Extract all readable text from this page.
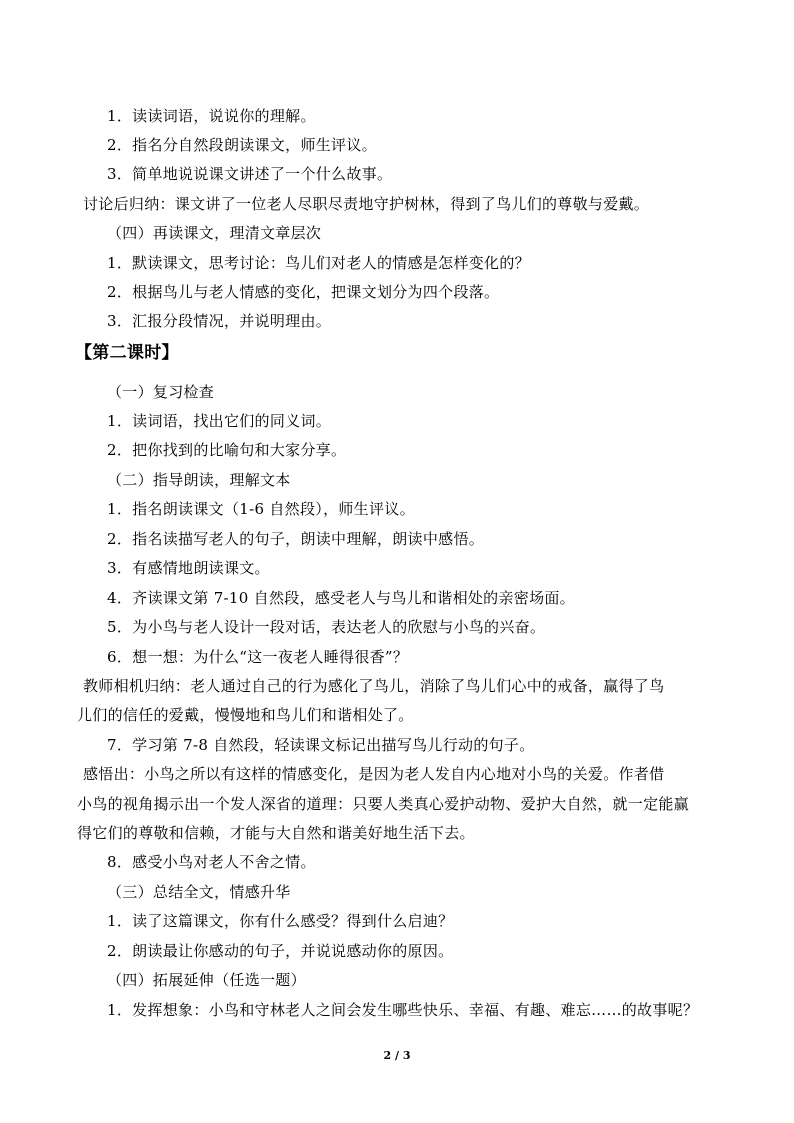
1．读读词语，说说你的理解。
2．指名分自然段朗读课文，师生评议。
3．简单地说说课文讲述了一个什么故事。
讨论后归纳：课文讲了一位老人尽职尽责地守护树林，得到了鸟儿们的尊敬与爱戴。
（四）再读课文，理清文章层次
1．默读课文，思考讨论：鸟儿们对老人的情感是怎样变化的？
2．根据鸟儿与老人情感的变化，把课文划分为四个段落。
3．汇报分段情况，并说明理由。
【第二课时】
（一）复习检查
1．读词语，找出它们的同义词。
2．把你找到的比喻句和大家分享。
（二）指导朗读，理解文本
1．指名朗读课文（1-6 自然段），师生评议。
2．指名读描写老人的句子，朗读中理解，朗读中感悟。
3．有感情地朗读课文。
4．齐读课文第 7-10 自然段，感受老人与鸟儿和谐相处的亲密场面。
5．为小鸟与老人设计一段对话，表达老人的欣慰与小鸟的兴奋。
6．想一想：为什么“这一夜老人睡得很香”？
教师相机归纳：老人通过自己的行为感化了鸟儿，消除了鸟儿们心中的戒备，赢得了鸟
儿们的信任的爱戴，慢慢地和鸟儿们和谐相处了。
7．学习第 7-8 自然段，轻读课文标记出描写鸟儿行动的句子。
感悟出：小鸟之所以有这样的情感变化，是因为老人发自内心地对小鸟的关爱。作者借
小鸟的视角揭示出一个发人深省的道理：只要人类真心爱护动物、爱护大自然，就一定能赢
得它们的尊敬和信赖，才能与大自然和谐美好地生活下去。
8．感受小鸟对老人不舍之情。
（三）总结全文，情感升华
1．读了这篇课文，你有什么感受？得到什么启迪？
2．朗读最让你感动的句子，并说说感动你的原因。
（四）拓展延伸（任选一题）
1．发挥想象：小鸟和守林老人之间会发生哪些快乐、幸福、有趣、难忘……的故事呢？
2 / 3
